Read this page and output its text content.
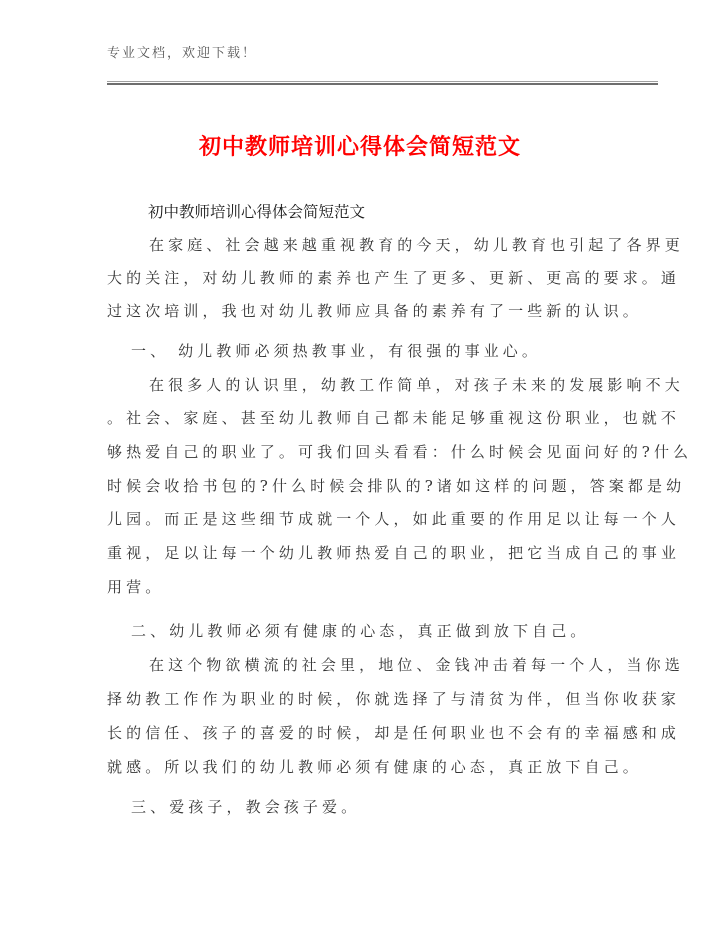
专业文档，欢迎下载！
初中教师培训心得体会简短范文
初中教师培训心得体会简短范文
在家庭、社会越来越重视教育的今天，幼儿教育也引起了各界更
大的关注，对幼儿教师的素养也产生了更多、更新、更高的要求。通
过这次培训，我也对幼儿教师应具备的素养有了一些新的认识。
一、 幼儿教师必须热教事业，有很强的事业心。
在很多人的认识里，幼教工作简单，对孩子未来的发展影响不大
。社会、家庭、甚至幼儿教师自己都未能足够重视这份职业，也就不
够热爱自己的职业了。可我们回头看看：什么时候会见面问好的?什么
时候会收拾书包的?什么时候会排队的?诸如这样的问题，答案都是幼
儿园。而正是这些细节成就一个人，如此重要的作用足以让每一个人
重视，足以让每一个幼儿教师热爱自己的职业，把它当成自己的事业
用营。
二、幼儿教师必须有健康的心态，真正做到放下自己。
在这个物欲横流的社会里，地位、金钱冲击着每一个人，当你选
择幼教工作作为职业的时候，你就选择了与清贫为伴，但当你收获家
长的信任、孩子的喜爱的时候，却是任何职业也不会有的幸福感和成
就感。所以我们的幼儿教师必须有健康的心态，真正放下自己。
三、爱孩子，教会孩子爱。
